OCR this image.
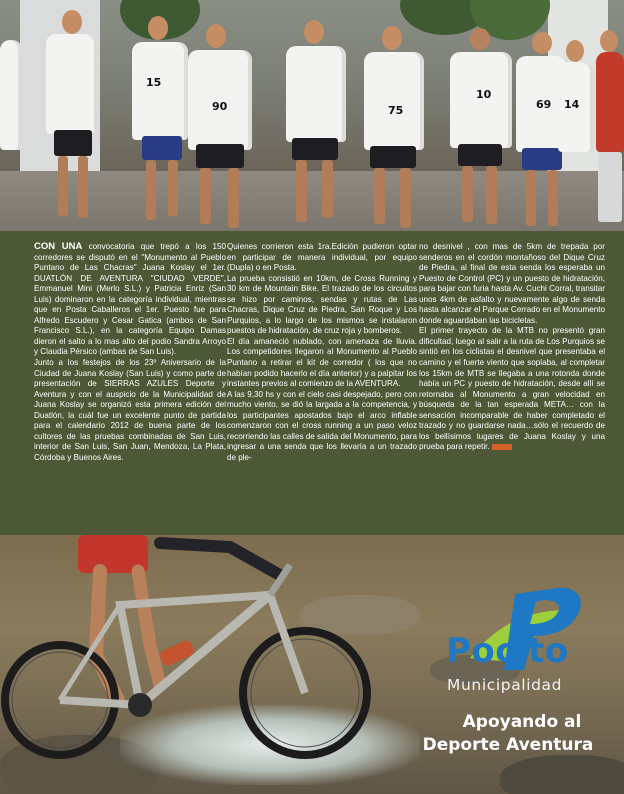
15
90	75
10
69 14

CON UNA convocatoria que trepó a los 150 corredores se disputó en el "Monumento al Pueblo Puntano de Las Chacras" Juana Koslay el 1er. DUATLÓN DE AVENTURA "CIUDAD VERDE", Emmanuel Mini (Merlo S.L.) y Patricia Enriz (San Luis) dominaron en la categoría individual, mientras que en Posta Caballeros el 1er. Puesto fue para Alfredo Escudero y Cesar Gatica (ambos de San Francisco S.L.), en la categoría Equipo Damas dieron el salto a lo mas alto del podio Sandra Arroyo y Claudia Pérsico (ambas de San Luis).

Junto a los festejos de los 23º Aniversario de la Ciudad de Juana Koslay (San Luis) y como parte de presentación de SIERRAS AZULES Deporte y Aventura y con el auspicio de la Municipalidad de Juana Koslay se organizó esta primera edición del Duatlón, la cuál fue un excelente punto de partida para el calendario 2012 de buena parte de los cultores de las pruebas combinadas de San Luis, interior de San Luis, San Juan, Mendoza, La Plata, Córdoba y Buenos Aires.

Quienes corrieron esta 1ra.Edición pudieron optar en participar de manera individual, por equipo (Dupla) o en Posta.

La prueba consistió en 10km, de Cross Running y 30 km de Mountain Bike. El trazado de los circuitos se hizo por caminos, sendas y rutas de Las Chacras, Dique Cruz de Piedra, San Roque y Los Purquios, a lo largo de los mismos se instalaron puestos de hidratación, de cruz roja y bomberos.

El día amaneció nublado, con amenaza de lluvia. Los competidores llegaron al Monumento al Pueblo Puntano a retirar el kit de corredor ( los que no habían podido hacerlo el día anterior) y a palpitar los instantes previos al comienzo de la AVENTURA.

A las 9,30 hs y con el cielo casi despejado, pero con mucho viento, se dió la largada a la competencia, y los participantes apostados bajo el arco inflable comenzaron con el cross running a un paso veloz recorriendo las calles de salida del Monumento, para ingresar a una senda que los llevaría a un trazado de ple-

no desnivel , con mas de 5km de trepada por senderos en el cordón montañoso del Dique Cruz de Piedra, al final de esta senda los esperaba un Puesto de Control (PC) y un puesto de hidratación, para bajar con furia hasta Av. Cuchi Corral, transitar unos 4km de asfalto y nuevamente algo de senda hasta alcanzar el Parque Cerrado en el Monumento donde aguardaban las bicicletas.

El primer trayecto de la MTB no presentó gran dificultad, luego al salir a la ruta de Los Purquios se sintió en los ciclistas el desnivel que presentaba el camino y el fuerte viento que soplaba, al completar los 15km de MTB se llegaba a una rotonda donde había un PC y puesto de hidratación, desde allí se retornaba al Monumento a gran velocidad en búsqueda de la tan esperada META… con la sensación incomparable de haber completado el trazado y no guardarse nada…sólo el recuerdo de los bellísimos lugares de Juana Koslay y una prueba para repetir.

Pocito
Municipalidad
Apoyando al
Deporte Aventura
